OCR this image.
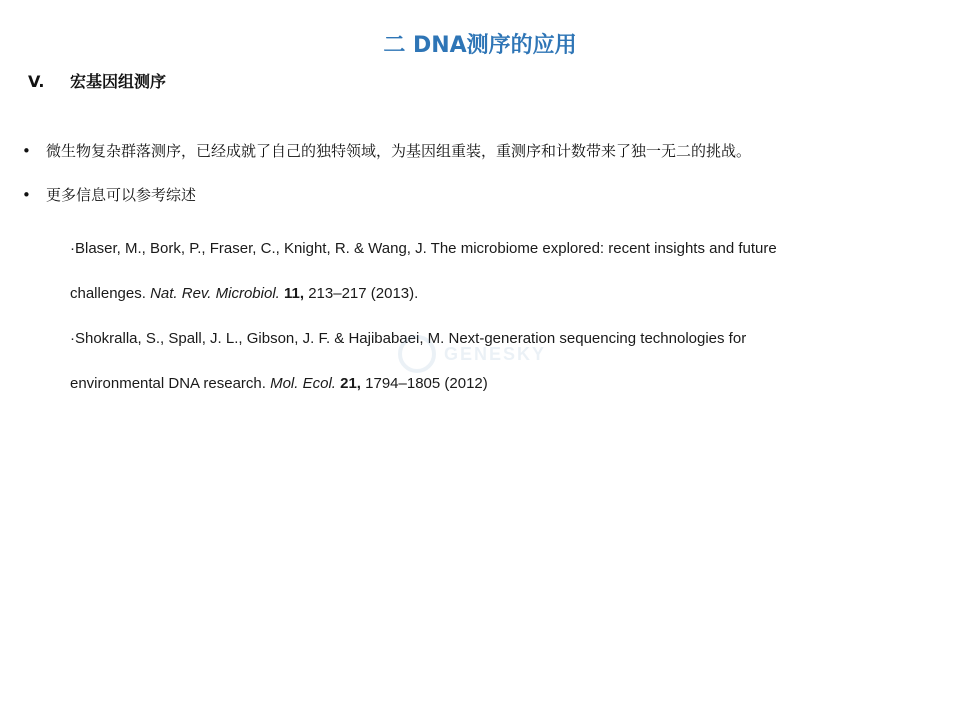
二 DNA测序的应用
V.	宏基因组测序
• 微生物复杂群落测序，已经成就了自己的独特领域，为基因组重装，重测序和计数带来了独一无二的挑战。
• 更多信息可以参考综述

·Blaser, M., Bork, P., Fraser, C., Knight, R. & Wang, J. The microbiome explored: recent insights and future

challenges. Nat. Rev. Microbiol. 11, 213–217 (2013).

·Shokralla, S., Spall, J. L., Gibson, J. F. & Hajibabaei, M. Next-generation sequencing technologies for

environmental DNA research. Mol. Ecol. 21, 1794–1805 (2012)

GENESKY
